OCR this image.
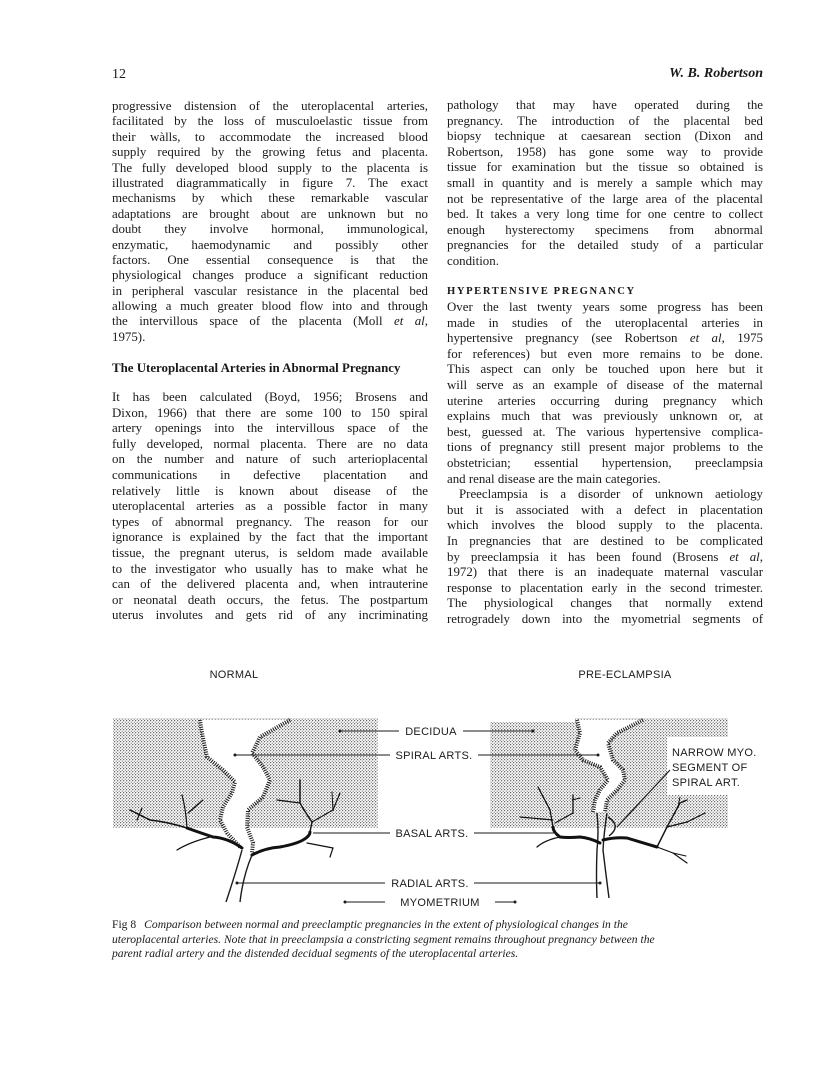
12	W. B. Robertson
progressive distension of the uteroplacental arteries,
facilitated by the loss of musculoelastic tissue from
their wàlls, to accommodate the increased blood
supply required by the growing fetus and placenta.
The fully developed blood supply to the placenta is
illustrated diagrammatically in figure 7. The exact
mechanisms by which these remarkable vascular
adaptations are brought about are unknown but no
doubt they involve hormonal, immunological,
enzymatic, haemodynamic and possibly other
factors. One essential consequence is that the
physiological changes produce a significant reduction
in peripheral vascular resistance in the placental bed
allowing a much greater blood flow into and through
the intervillous space of the placenta (Moll et al,
1975).
The Uteroplacental Arteries in Abnormal Pregnancy
It has been calculated (Boyd, 1956; Brosens and
Dixon, 1966) that there are some 100 to 150 spiral
artery openings into the intervillous space of the
fully developed, normal placenta. There are no data
on the number and nature of such arterioplacental
communications in defective placentation and
relatively little is known about disease of the
uteroplacental arteries as a possible factor in many
types of abnormal pregnancy. The reason for our
ignorance is explained by the fact that the important
tissue, the pregnant uterus, is seldom made available
to the investigator who usually has to make what he
can of the delivered placenta and, when intrauterine
or neonatal death occurs, the fetus. The postpartum
uterus involutes and gets rid of any incriminating
pathology that may have operated during the
pregnancy. The introduction of the placental bed
biopsy technique at caesarean section (Dixon and
Robertson, 1958) has gone some way to provide
tissue for examination but the tissue so obtained is
small in quantity and is merely a sample which may
not be representative of the large area of the placental
bed. It takes a very long time for one centre to collect
enough hysterectomy specimens from abnormal
pregnancies for the detailed study of a particular
condition.
HYPERTENSIVE PREGNANCY
Over the last twenty years some progress has been
made in studies of the uteroplacental arteries in
hypertensive pregnancy (see Robertson et al, 1975
for references) but even more remains to be done.
This aspect can only be touched upon here but it
will serve as an example of disease of the maternal
uterine arteries occurring during pregnancy which
explains much that was previously unknown or, at
best, guessed at. The various hypertensive complica-
tions of pregnancy still present major problems to the
obstetrician; essential hypertension, preeclampsia
and renal disease are the main categories.
Preeclampsia is a disorder of unknown aetiology
but it is associated with a defect in placentation
which involves the blood supply to the placenta.
In pregnancies that are destined to be complicated
by preeclampsia it has been found (Brosens et al,
1972) that there is an inadequate maternal vascular
response to placentation early in the second trimester.
The physiological changes that normally extend
retrogradely down into the myometrial segments of
NORMAL	PRE-ECLAMPSIA
DECIDUA
SPIRAL ARTS.
BASAL ARTS.
RADIAL ARTS.
MYOMETRIUM
NARROW MYO.
SEGMENT OF
SPIRAL ART.
Fig 8 Comparison between normal and preeclamptic pregnancies in the extent of physiological changes in the
uteroplacental arteries. Note that in preeclampsia a constricting segment remains throughout pregnancy between the
parent radial artery and the distended decidual segments of the uteroplacental arteries.
